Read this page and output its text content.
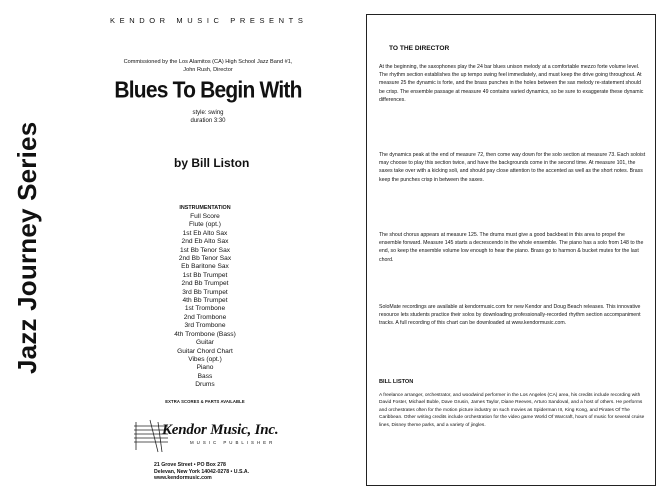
KENDOR MUSIC PRESENTS
Jazz Journey Series
Commissioned by the Los Alamitos (CA) High School Jazz Band #1,
John Rush, Director
Blues To Begin With
style: swing
duration 3:30
by Bill Liston
INSTRUMENTATION
Full Score
Flute (opt.)
1st Eb Alto Sax
2nd Eb Alto Sax
1st Bb Tenor Sax
2nd Bb Tenor Sax
Eb Baritone Sax
1st Bb Trumpet
2nd Bb Trumpet
3rd Bb Trumpet
4th Bb Trumpet
1st Trombone
2nd Trombone
3rd Trombone
4th Trombone (Bass)
Guitar
Guitar Chord Chart
Vibes (opt.)
Piano
Bass
Drums
EXTRA SCORES & PARTS AVAILABLE
Kendor Music, Inc.
MUSIC PUBLISHER
21 Grove Street • PO Box 278
Delevan, New York 14042-0278 • U.S.A.
www.kendormusic.com
TO THE DIRECTOR
At the beginning, the saxophones play the 24 bar blues unison melody at a comfortable mezzo forte volume level. The rhythm section establishes the up tempo swing feel immediately, and must keep the drive going throughout. At measure 25 the dynamic is forte, and the brass punches in the holes between the sax melody re-statement should be crisp. The ensemble passage at measure 49 contains varied dynamics, so be sure to exaggerate these dynamic differences.
The dynamics peak at the end of measure 72, then come way down for the solo section at measure 73. Each soloist may choose to play this section twice, and have the backgrounds come in the second time. At measure 101, the saxes take over with a kicking soli, and should pay close attention to the accented as well as the short notes. Brass keep the punches crisp in between the saxes.
The shout chorus appears at measure 125. The drums must give a good backbeat in this area to propel the ensemble forward. Measure 145 starts a decrescendo in the whole ensemble. The piano has a solo from 148 to the end, so keep the ensemble volume low enough to hear the piano. Brass go to harmon & bucket mutes for the last chord.
SoloMate recordings are available at kendormusic.com for new Kendor and Doug Beach releases. This innovative resource lets students practice their solos by downloading professionally-recorded rhythm section accompaniment tracks. A full recording of this chart can be downloaded at www.kendormusic.com.
BILL LISTON
A freelance arranger, orchestrator, and woodwind performer in the Los Angeles (CA) area, his credits include recording with David Foster, Michael Buble, Dave Grusin, James Taylor, Diane Reeves, Arturo Sandoval, and a host of others. He performs and orchestrates often for the motion picture industry on such movies as Spiderman III, King Kong, and Pirates Of The Caribbean. Other writing credits include orchestration for the video game World Of Warcraft, hours of music for several cruise lines, Disney theme parks, and a variety of jingles.
